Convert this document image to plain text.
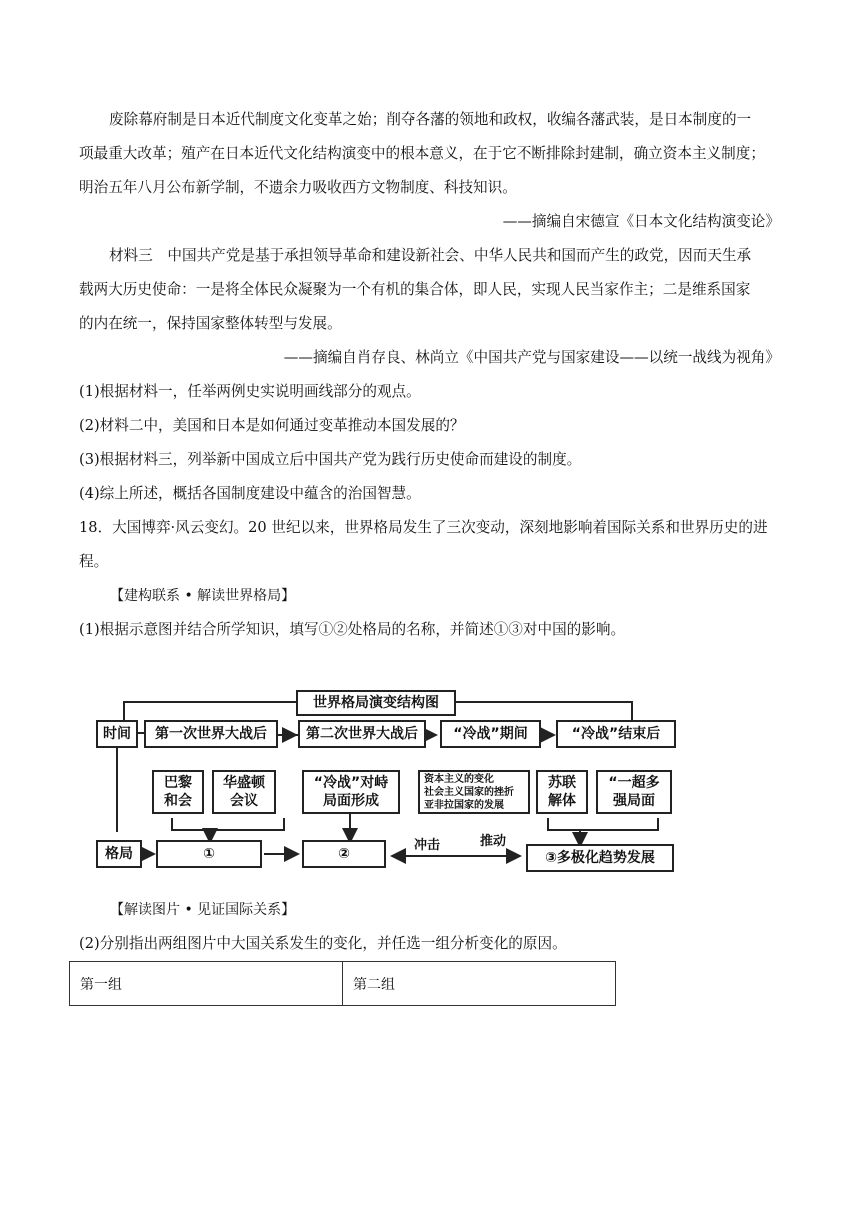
废除幕府制是日本近代制度文化变革之始；削夺各藩的领地和政权，收编各藩武装，是日本制度的一

项最重大改革；殖产在日本近代文化结构演变中的根本意义，在于它不断排除封建制，确立资本主义制度；

明治五年八月公布新学制，不遗余力吸收西方文物制度、科技知识。

——摘编自宋德宣《日本文化结构演变论》

材料三　中国共产党是基于承担领导革命和建设新社会、中华人民共和国而产生的政党，因而天生承

载两大历史使命：一是将全体民众凝聚为一个有机的集合体，即人民，实现人民当家作主；二是维系国家

的内在统一，保持国家整体转型与发展。

——摘编自肖存良、林尚立《中国共产党与国家建设——以统一战线为视角》
(1)根据材料一，任举两例史实说明画线部分的观点。
(2)材料二中，美国和日本是如何通过变革推动本国发展的？
(3)根据材料三，列举新中国成立后中国共产党为践行历史使命而建设的制度。
(4)综上所述，概括各国制度建设中蕴含的治国智慧。

18．大国博弈·风云变幻。20 世纪以来，世界格局发生了三次变动，深刻地影响着国际关系和世界历史的进

程。

【建构联系 • 解读世界格局】
(1)根据示意图并结合所学知识，填写①②处格局的名称，并简述①③对中国的影响。
世界格局演变结构图
时间	第一次世界大战后	第二次世界大战后	“冷战”期间	“冷战”结束后
巴黎
和会
华盛顿
会议
“冷战”对峙
局面形成
资本主义的变化
社会主义国家的挫折
亚非拉国家的发展
苏联
解体
“一超多
强局面
格局	①	②	③多极化趋势发展
冲击	推动
【解读图片 • 见证国际关系】
(2)分别指出两组图片中大国关系发生的变化，并任选一组分析变化的原因。
第一组	第二组
